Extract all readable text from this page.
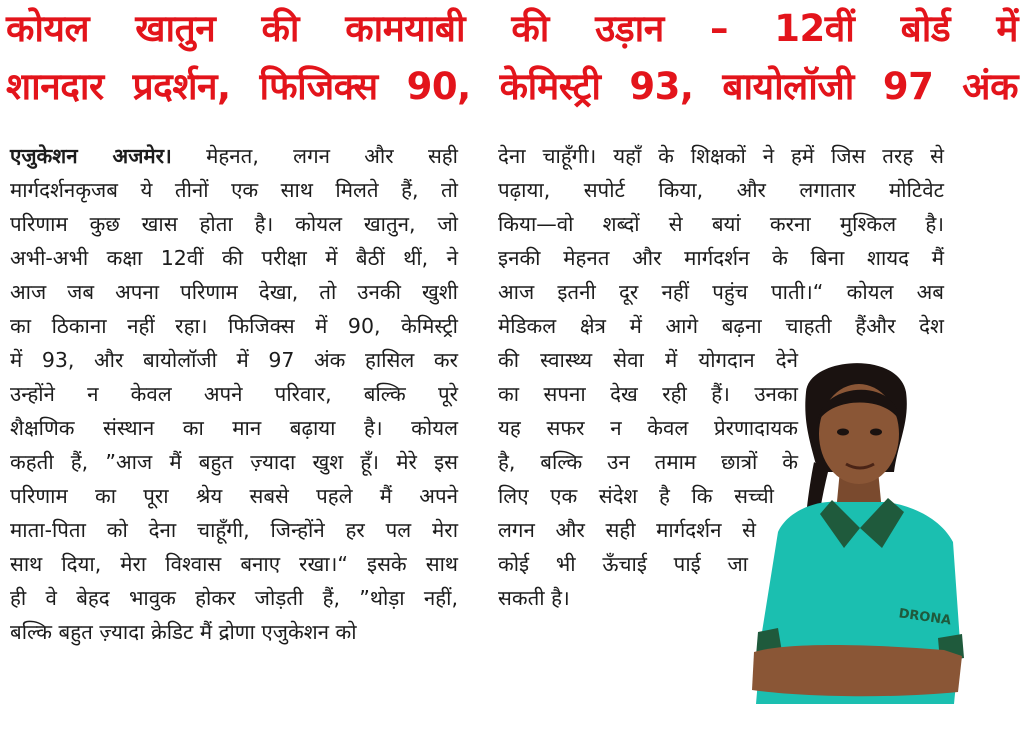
कोयल खातुन की कामयाबी की उड़ान – 12वीं बोर्ड में
शानदार प्रदर्शन, फिजिक्स 90, केमिस्ट्री 93, बायोलॉजी 97 अंक
एजुकेशन अजमेर। मेहनत, लगन और सही
मार्गदर्शनकृजब ये तीनों एक साथ मिलते हैं, तो
परिणाम कुछ खास होता है। कोयल खातुन, जो
अभी-अभी कक्षा 12वीं की परीक्षा में बैठीं थीं, ने
आज जब अपना परिणाम देखा, तो उनकी खुशी
का ठिकाना नहीं रहा। फिजिक्स में 90, केमिस्ट्री
में 93, और बायोलॉजी में 97 अंक हासिल कर
उन्होंने न केवल अपने परिवार, बल्कि पूरे
शैक्षणिक संस्थान का मान बढ़ाया है। कोयल
कहती हैं, ”आज मैं बहुत ज़्यादा खुश हूँ। मेरे इस
परिणाम का पूरा श्रेय सबसे पहले मैं अपने
माता-पिता को देना चाहूँगी, जिन्होंने हर पल मेरा
साथ दिया, मेरा विश्वास बनाए रखा।“ इसके साथ
ही वे बेहद भावुक होकर जोड़ती हैं, ”थोड़ा नहीं,
बल्कि बहुत ज़्यादा क्रेडिट मैं द्रोणा एजुकेशन को
देना चाहूँगी। यहाँ के शिक्षकों ने हमें जिस तरह से
पढ़ाया, सपोर्ट किया, और लगातार मोटिवेट
किया—वो शब्दों से बयां करना मुश्किल है।
इनकी मेहनत और मार्गदर्शन के बिना शायद मैं
आज इतनी दूर नहीं पहुंच पाती।“ कोयल अब
मेडिकल क्षेत्र में आगे बढ़ना चाहती हैंऔर देश
की स्वास्थ्य सेवा में योगदान देने
का सपना देख रही हैं। उनका
यह सफर न केवल प्रेरणादायक
है, बल्कि उन तमाम छात्रों के
लिए एक संदेश है कि सच्ची
लगन और सही मार्गदर्शन से
कोई भी ऊँचाई पाई जा
सकती है।
DRONA
